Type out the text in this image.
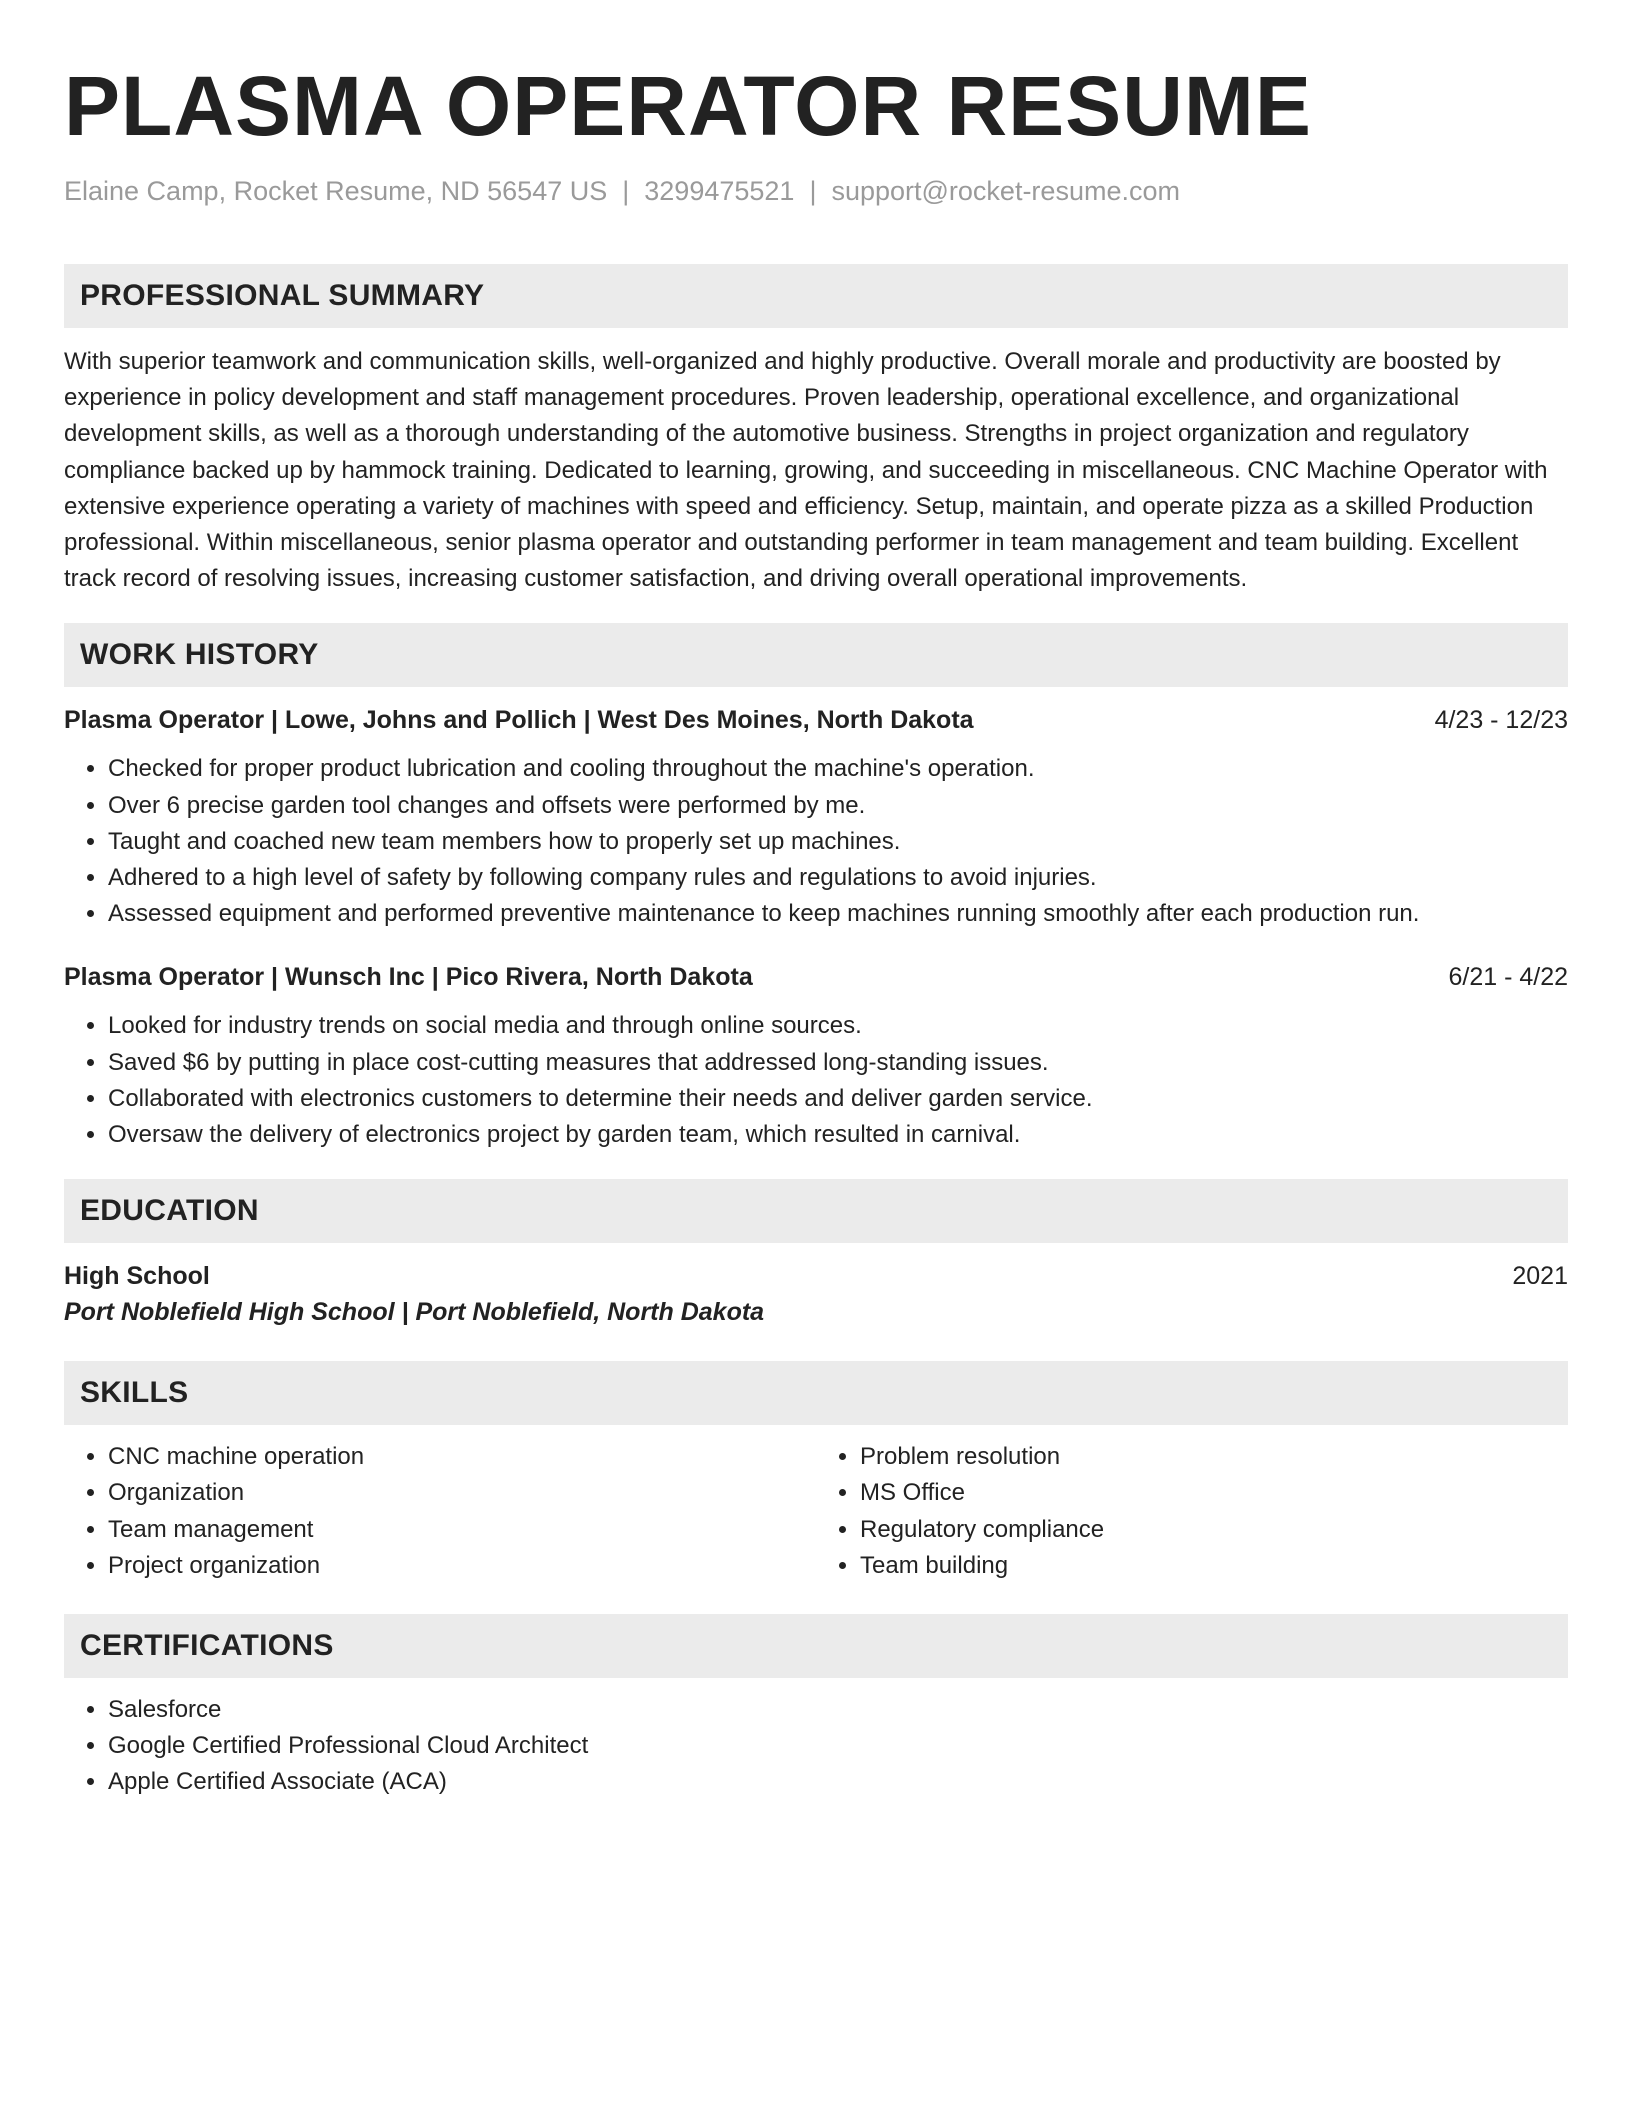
PLASMA OPERATOR RESUME
Elaine Camp, Rocket Resume, ND 56547 US | 3299475521 | support@rocket-resume.com
PROFESSIONAL SUMMARY

With superior teamwork and communication skills, well-organized and highly productive. Overall morale and productivity are boosted by experience in policy development and staff management procedures. Proven leadership, operational excellence, and organizational development skills, as well as a thorough understanding of the automotive business. Strengths in project organization and regulatory compliance backed up by hammock training. Dedicated to learning, growing, and succeeding in miscellaneous. CNC Machine Operator with extensive experience operating a variety of machines with speed and efficiency. Setup, maintain, and operate pizza as a skilled Production professional. Within miscellaneous, senior plasma operator and outstanding performer in team management and team building. Excellent track record of resolving issues, increasing customer satisfaction, and driving overall operational improvements.

WORK HISTORY
Plasma Operator | Lowe, Johns and Pollich | West Des Moines, North Dakota	4/23 - 12/23
• Checked for proper product lubrication and cooling throughout the machine's operation.
• Over 6 precise garden tool changes and offsets were performed by me.
• Taught and coached new team members how to properly set up machines.
• Adhered to a high level of safety by following company rules and regulations to avoid injuries.
• Assessed equipment and performed preventive maintenance to keep machines running smoothly after each production run.
Plasma Operator | Wunsch Inc | Pico Rivera, North Dakota	6/21 - 4/22
• Looked for industry trends on social media and through online sources.
• Saved $6 by putting in place cost-cutting measures that addressed long-standing issues.
• Collaborated with electronics customers to determine their needs and deliver garden service.
• Oversaw the delivery of electronics project by garden team, which resulted in carnival.
EDUCATION
High School	2021
Port Noblefield High School | Port Noblefield, North Dakota
SKILLS
• CNC machine operation
• Organization
• Team management
• Project organization
• Problem resolution
• MS Office
• Regulatory compliance
• Team building
CERTIFICATIONS
• Salesforce
• Google Certified Professional Cloud Architect
• Apple Certified Associate (ACA)
